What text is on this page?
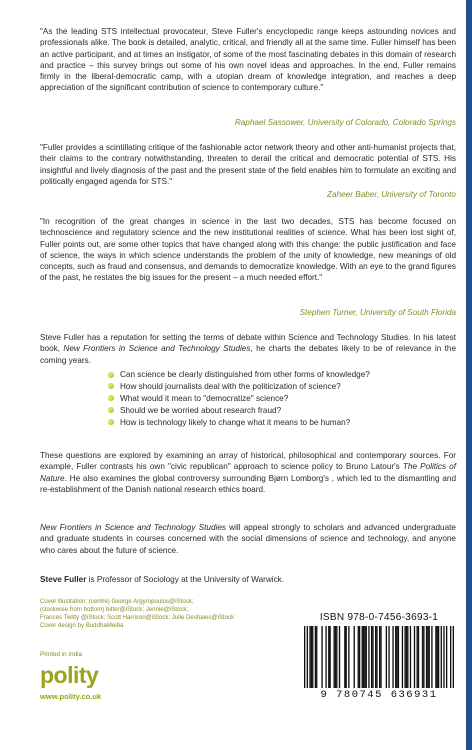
"As the leading STS intellectual provocateur, Steve Fuller's encyclopedic range keeps astounding novices and professionals alike. The book is detailed, analytic, critical, and friendly all at the same time. Fuller himself has been an active participant, and at times an instigator, of some of the most fascinating debates in this domain of research and practice – this survey brings out some of his own novel ideas and approaches. In the end, Fuller remains firmly in the liberal-democratic camp, with a utopian dream of knowledge integration, and reaches a deep appreciation of the significant contribution of science to contemporary culture."

Raphael Sassower, University of Colorado, Colorado Springs

"Fuller provides a scintillating critique of the fashionable actor network theory and other anti-humanist projects that, their claims to the contrary notwithstanding, threaten to derail the critical and democratic potential of STS. His insightful and lively diagnosis of the past and the present state of the field enables him to formulate an exciting and politically engaged agenda for STS."

Zaheer Baber, University of Toronto

"In recognition of the great changes in science in the last two decades, STS has become focused on technoscience and regulatory science and the new institutional realities of science. What has been lost sight of, Fuller points out, are some other topics that have changed along with this change: the public justification and face of science, the ways in which science understands the problem of the unity of knowledge, new meanings of old concepts, such as fraud and consensus, and demands to democratize knowledge. With an eye to the grand figures of the past, he restates the big issues for the present – a much needed effort."

Stephen Turner, University of South Florida
Steve Fuller has a reputation for setting the terms of debate within Science and Technology Studies. In his latest book, New Frontiers in Science and Technology Studies, he charts the debates likely to be of relevance in the coming years.
Can science be clearly distinguished from other forms of knowledge?
How should journalists deal with the politicization of science?
What would it mean to "democratize" science?
Should we be worried about research fraud?
How is technology likely to change what it means to be human?
These questions are explored by examining an array of historical, philosophical and contemporary sources. For example, Fuller contrasts his own "civic republican" approach to science policy to Bruno Latour's The Politics of Nature. He also examines the global controversy surrounding Bjørn Lomborg's , which led to the dismantling and re-establishment of the Danish national research ethics board.
New Frontiers in Science and Technology Studies will appeal strongly to scholars and advanced undergraduate and graduate students in courses concerned with the social dimensions of science and technology, and anyone who cares about the future of science.
Steve Fuller is Professor of Sociology at the University of Warwick.
Cover illustration: (centre) George Argyropoulos@iStock;
(clockwise from bottom) bitter@iStock; Jennie@iStock;
Frances Twitty @iStock; Scott Harrison@iStock; Julie Deshaies@iStock
Cover design by BuddhaMedia
Printed in India
polity
www.polity.co.uk
ISBN 978-0-7456-3693-1
9 780745 636931
